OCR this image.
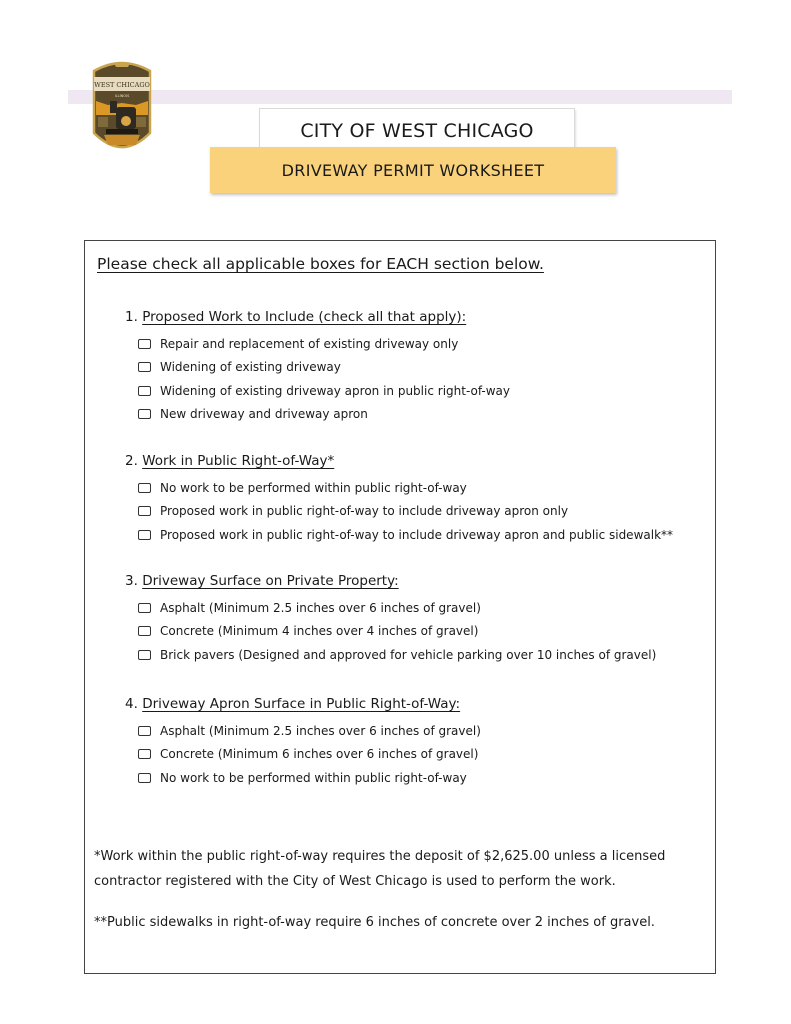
WEST CHICAGO
ILLINOIS
CITY OF WEST CHICAGO
DRIVEWAY PERMIT WORKSHEET
Please check all applicable boxes for EACH section below.
1. Proposed Work to Include (check all that apply):
Repair and replacement of existing driveway only
Widening of existing driveway
Widening of existing driveway apron in public right-of-way
New driveway and driveway apron
2. Work in Public Right-of-Way*
No work to be performed within public right-of-way
Proposed work in public right-of-way to include driveway apron only
Proposed work in public right-of-way to include driveway apron and public sidewalk**
3. Driveway Surface on Private Property:
Asphalt (Minimum 2.5 inches over 6 inches of gravel)
Concrete (Minimum 4 inches over 4 inches of gravel)
Brick pavers (Designed and approved for vehicle parking over 10 inches of gravel)
4. Driveway Apron Surface in Public Right-of-Way:
Asphalt (Minimum 2.5 inches over 6 inches of gravel)
Concrete (Minimum 6 inches over 6 inches of gravel)
No work to be performed within public right-of-way
*Work within the public right-of-way requires the deposit of $2,625.00 unless a licensed contractor registered with the City of West Chicago is used to perform the work.
**Public sidewalks in right-of-way require 6 inches of concrete over 2 inches of gravel.
